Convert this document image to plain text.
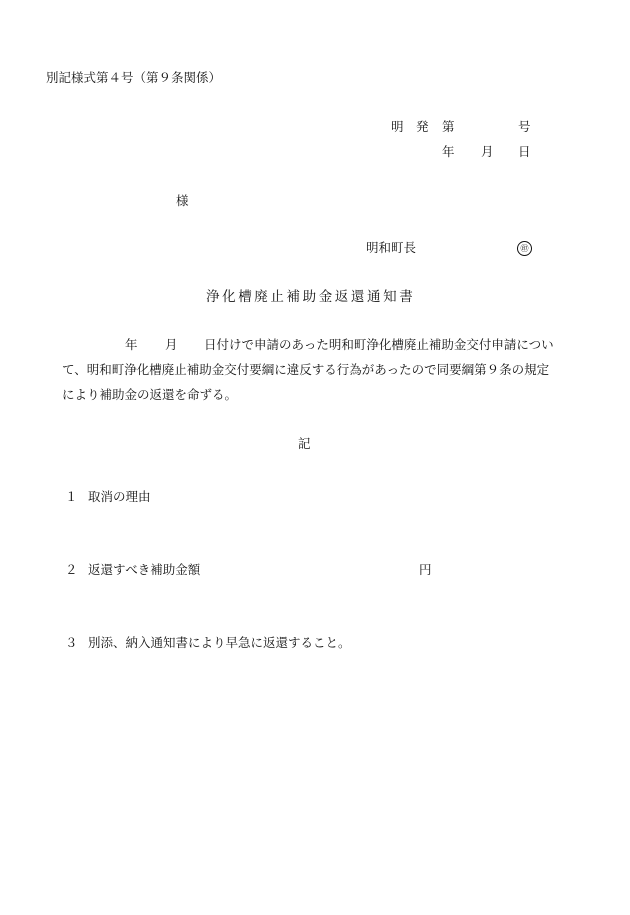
別記様式第４号（第９条関係）
明 発 第	号
年 月 日
様
明和町長	㊞
浄化槽廃止補助金返還通知書
年 月 日付けで申請のあった明和町浄化槽廃止補助金交付申請につい
て、明和町浄化槽廃止補助金交付要綱に違反する行為があったので同要綱第９条の規定
により補助金の返還を命ずる。
記
１ 取消の理由
２ 返還すべき補助金額	円
３ 別添、納入通知書により早急に返還すること。
